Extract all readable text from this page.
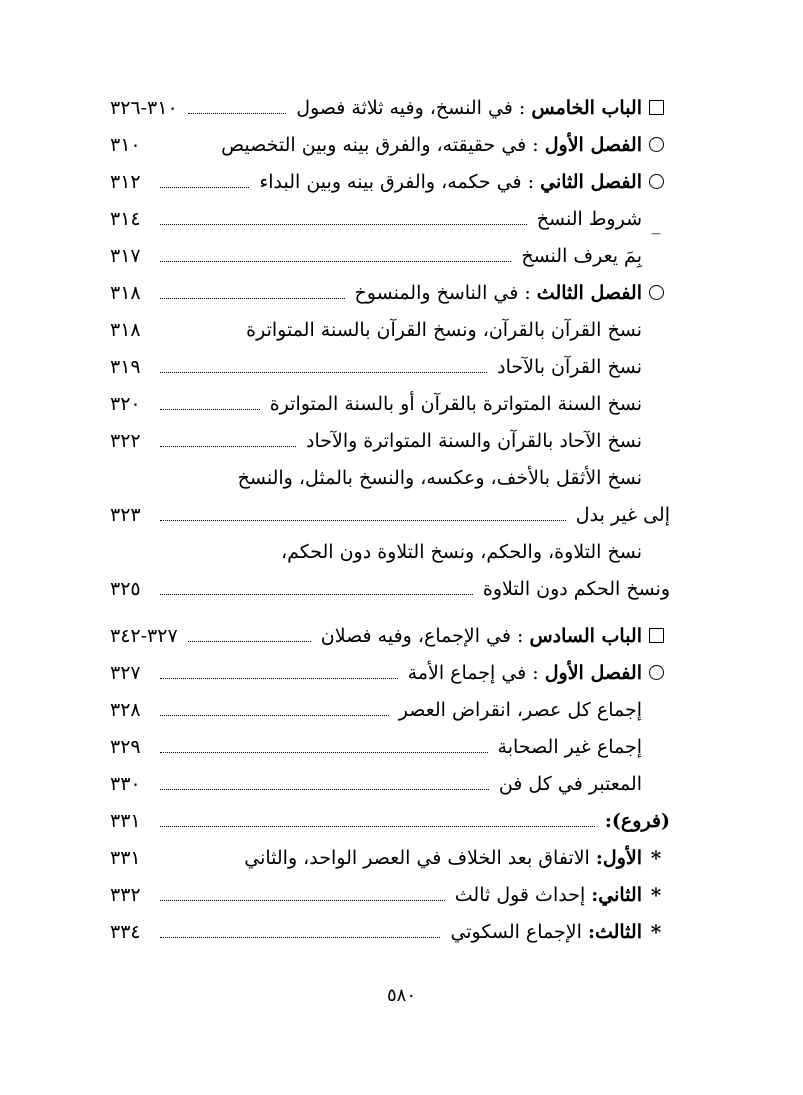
الباب الخامس : في النسخ، وفيه ثلاثة فصول
٣١٠-٣٢٦
الفصل الأول : في حقيقته، والفرق بينه وبين التخصيص
٣١٠
الفصل الثاني : في حكمه، والفرق بينه وبين البداء
٣١٢
_
شروط النسخ
٣١٤
بِمَ يعرف النسخ
٣١٧
الفصل الثالث : في الناسخ والمنسوخ
٣١٨
نسخ القرآن بالقرآن، ونسخ القرآن بالسنة المتواترة
٣١٨
نسخ القرآن بالآحاد
٣١٩
نسخ السنة المتواترة بالقرآن أو بالسنة المتواترة
٣٢٠
نسخ الآحاد بالقرآن والسنة المتواترة والآحاد
٣٢٢
نسخ الأثقل بالأخف، وعكسه، والنسخ بالمثل، والنسخ
إلى غير بدل
٣٢٣
نسخ التلاوة، والحكم، ونسخ التلاوة دون الحكم،
ونسخ الحكم دون التلاوة
٣٢٥
الباب السادس : في الإجماع، وفيه فصلان
٣٢٧-٣٤٢
الفصل الأول : في إجماع الأمة
٣٢٧
إجماع كل عصر، انقراض العصر
٣٢٨
إجماع غير الصحابة
٣٢٩
المعتبر في كل فن
٣٣٠
(فروع):
٣٣١
*
الأول: الاتفاق بعد الخلاف في العصر الواحد، والثاني
٣٣١
*
الثاني: إحداث قول ثالث
٣٣٢
*
الثالث: الإجماع السكوتي
٣٣٤
٥٨٠
